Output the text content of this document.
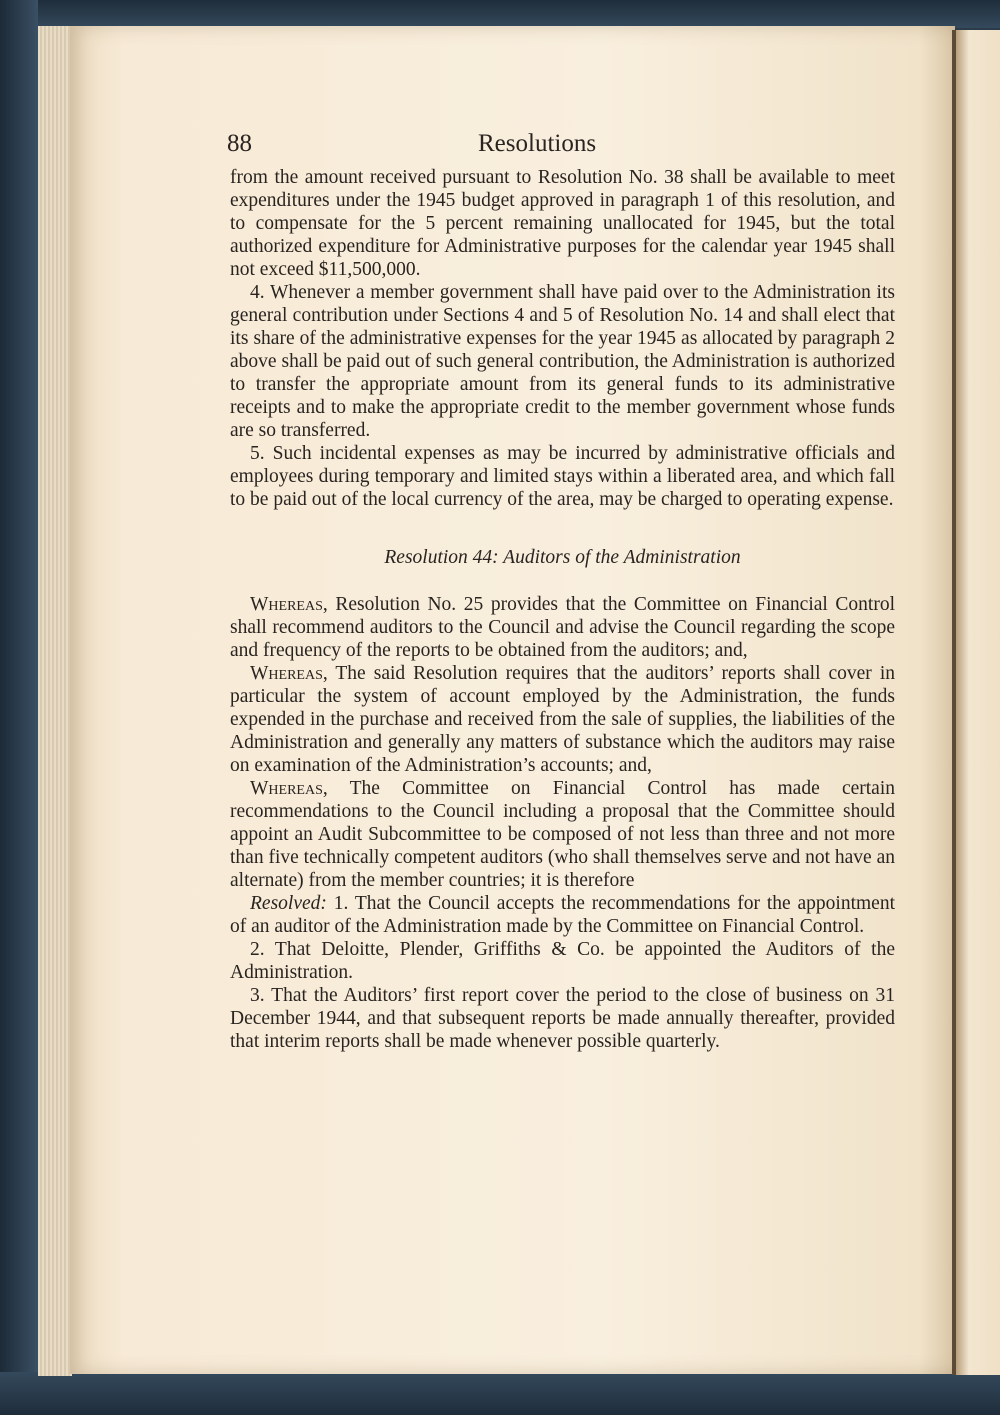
88	Resolutions

from the amount received pursuant to Resolution No. 38 shall be available to meet expenditures under the 1945 budget approved in paragraph 1 of this resolution, and to compensate for the 5 percent remaining unallocated for 1945, but the total authorized expenditure for Administrative purposes for the calendar year 1945 shall not exceed $11,500,000.

4. Whenever a member government shall have paid over to the Administration its general contribution under Sections 4 and 5 of Resolution No. 14 and shall elect that its share of the administrative expenses for the year 1945 as allocated by paragraph 2 above shall be paid out of such general contribution, the Administration is authorized to transfer the appropriate amount from its general funds to its administrative receipts and to make the appropriate credit to the member government whose funds are so transferred.

5. Such incidental expenses as may be incurred by administrative officials and employees during temporary and limited stays within a liberated area, and which fall to be paid out of the local currency of the area, may be charged to operating expense.

Resolution 44: Auditors of the Administration

Whereas, Resolution No. 25 provides that the Committee on Financial Control shall recommend auditors to the Council and advise the Council regarding the scope and frequency of the reports to be obtained from the auditors; and,

Whereas, The said Resolution requires that the auditors’ reports shall cover in particular the system of account employed by the Administration, the funds expended in the purchase and received from the sale of supplies, the liabilities of the Administration and generally any matters of substance which the auditors may raise on examination of the Administration’s accounts; and,

Whereas, The Committee on Financial Control has made certain recommendations to the Council including a proposal that the Committee should appoint an Audit Subcommittee to be composed of not less than three and not more than five technically competent auditors (who shall themselves serve and not have an alternate) from the member countries; it is therefore

Resolved: 1. That the Council accepts the recommendations for the appointment of an auditor of the Administration made by the Committee on Financial Control.

2. That Deloitte, Plender, Griffiths & Co. be appointed the Auditors of the Administration.

3. That the Auditors’ first report cover the period to the close of business on 31 December 1944, and that subsequent reports be made annually thereafter, provided that interim reports shall be made whenever possible quarterly.
